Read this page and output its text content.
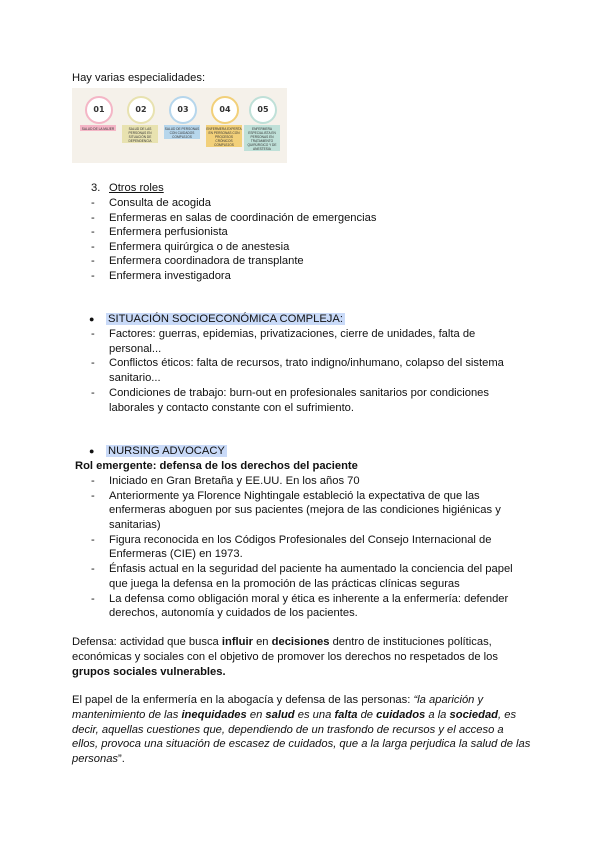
Hay varias especialidades:
01
SALUD DE LA MUJER
02
SALUD DE LAS PERSONAS EN SITUACIÓN DE DEPENDENCIA
03
SALUD DE PERSONAS CON CUIDADOS COMPLEJOS
04
ENFERMERA EXPERTA EN PERSONAS CON PROCESOS CRÓNICOS COMPLEJOS
05
ENFERMERA ESPECIALISTA EN PERSONAS EN TRATAMIENTO QUIRÚRGICO Y DE ANESTESIA
3. Otros roles
- Consulta de acogida
- Enfermeras en salas de coordinación de emergencias
- Enfermera perfusionista
- Enfermera quirúrgica o de anestesia
- Enfermera coordinadora de transplante
- Enfermera investigadora
● SITUACIÓN SOCIOECONÓMICA COMPLEJA:
- Factores: guerras, epidemias, privatizaciones, cierre de unidades, falta de
personal...
- Conflictos éticos: falta de recursos, trato indigno/inhumano, colapso del sistema
sanitario...
- Condiciones de trabajo: burn-out en profesionales sanitarios por condiciones
laborales y contacto constante con el sufrimiento.
● NURSING ADVOCACY
Rol emergente: defensa de los derechos del paciente
- Iniciado en Gran Bretaña y EE.UU. En los años 70
- Anteriormente ya Florence Nightingale estableció la expectativa de que las
enfermeras aboguen por sus pacientes (mejora de las condiciones higiénicas y
sanitarias)
- Figura reconocida en los Códigos Profesionales del Consejo Internacional de
Enfermeras (CIE) en 1973.
- Énfasis actual en la seguridad del paciente ha aumentado la conciencia del papel
que juega la defensa en la promoción de las prácticas clínicas seguras
- La defensa como obligación moral y ética es inherente a la enfermería: defender
derechos, autonomía y cuidados de los pacientes.
Defensa: actividad que busca influir en decisiones dentro de instituciones políticas,
económicas y sociales con el objetivo de promover los derechos no respetados de los
grupos sociales vulnerables.
El papel de la enfermería en la abogacía y defensa de las personas: “la aparición y
mantenimiento de las inequidades en salud es una falta de cuidados a la sociedad, es
decir, aquellas cuestiones que, dependiendo de un trasfondo de recursos y el acceso a
ellos, provoca una situación de escasez de cuidados, que a la larga perjudica la salud de las
personas”.
